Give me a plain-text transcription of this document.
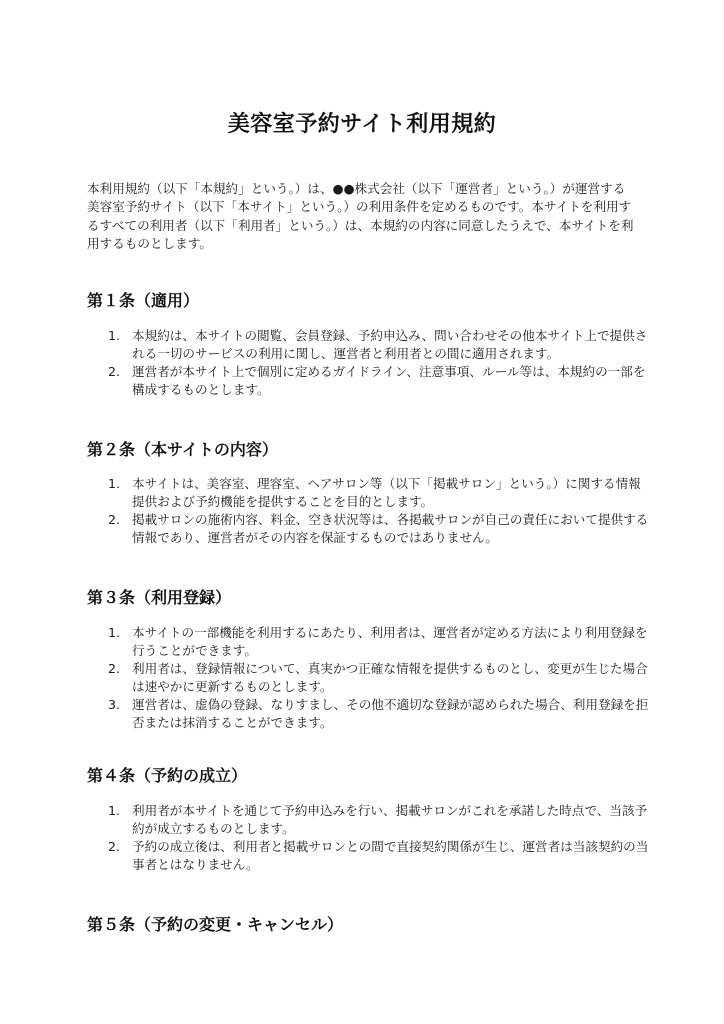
美容室予約サイト利用規約

本利用規約（以下「本規約」という。）は、●●株式会社（以下「運営者」という。）が運営する

美容室予約サイト（以下「本サイト」という。）の利用条件を定めるものです。本サイトを利用す

るすべての利用者（以下「利用者」という。）は、本規約の内容に同意したうえで、本サイトを利

用するものとします。

第１条（適用）
1. 本規約は、本サイトの閲覧、会員登録、予約申込み、問い合わせその他本サイト上で提供さ
れる一切のサービスの利用に関し、運営者と利用者との間に適用されます。
2. 運営者が本サイト上で個別に定めるガイドライン、注意事項、ルール等は、本規約の一部を
構成するものとします。
第２条（本サイトの内容）
1. 本サイトは、美容室、理容室、ヘアサロン等（以下「掲載サロン」という。）に関する情報
提供および予約機能を提供することを目的とします。
2. 掲載サロンの施術内容、料金、空き状況等は、各掲載サロンが自己の責任において提供する
情報であり、運営者がその内容を保証するものではありません。
第３条（利用登録）
1. 本サイトの一部機能を利用するにあたり、利用者は、運営者が定める方法により利用登録を
行うことができます。
2. 利用者は、登録情報について、真実かつ正確な情報を提供するものとし、変更が生じた場合
は速やかに更新するものとします。
3. 運営者は、虚偽の登録、なりすまし、その他不適切な登録が認められた場合、利用登録を拒
否または抹消することができます。
第４条（予約の成立）
1. 利用者が本サイトを通じて予約申込みを行い、掲載サロンがこれを承諾した時点で、当該予
約が成立するものとします。
2. 予約の成立後は、利用者と掲載サロンとの間で直接契約関係が生じ、運営者は当該契約の当
事者とはなりません。
第５条（予約の変更・キャンセル）
